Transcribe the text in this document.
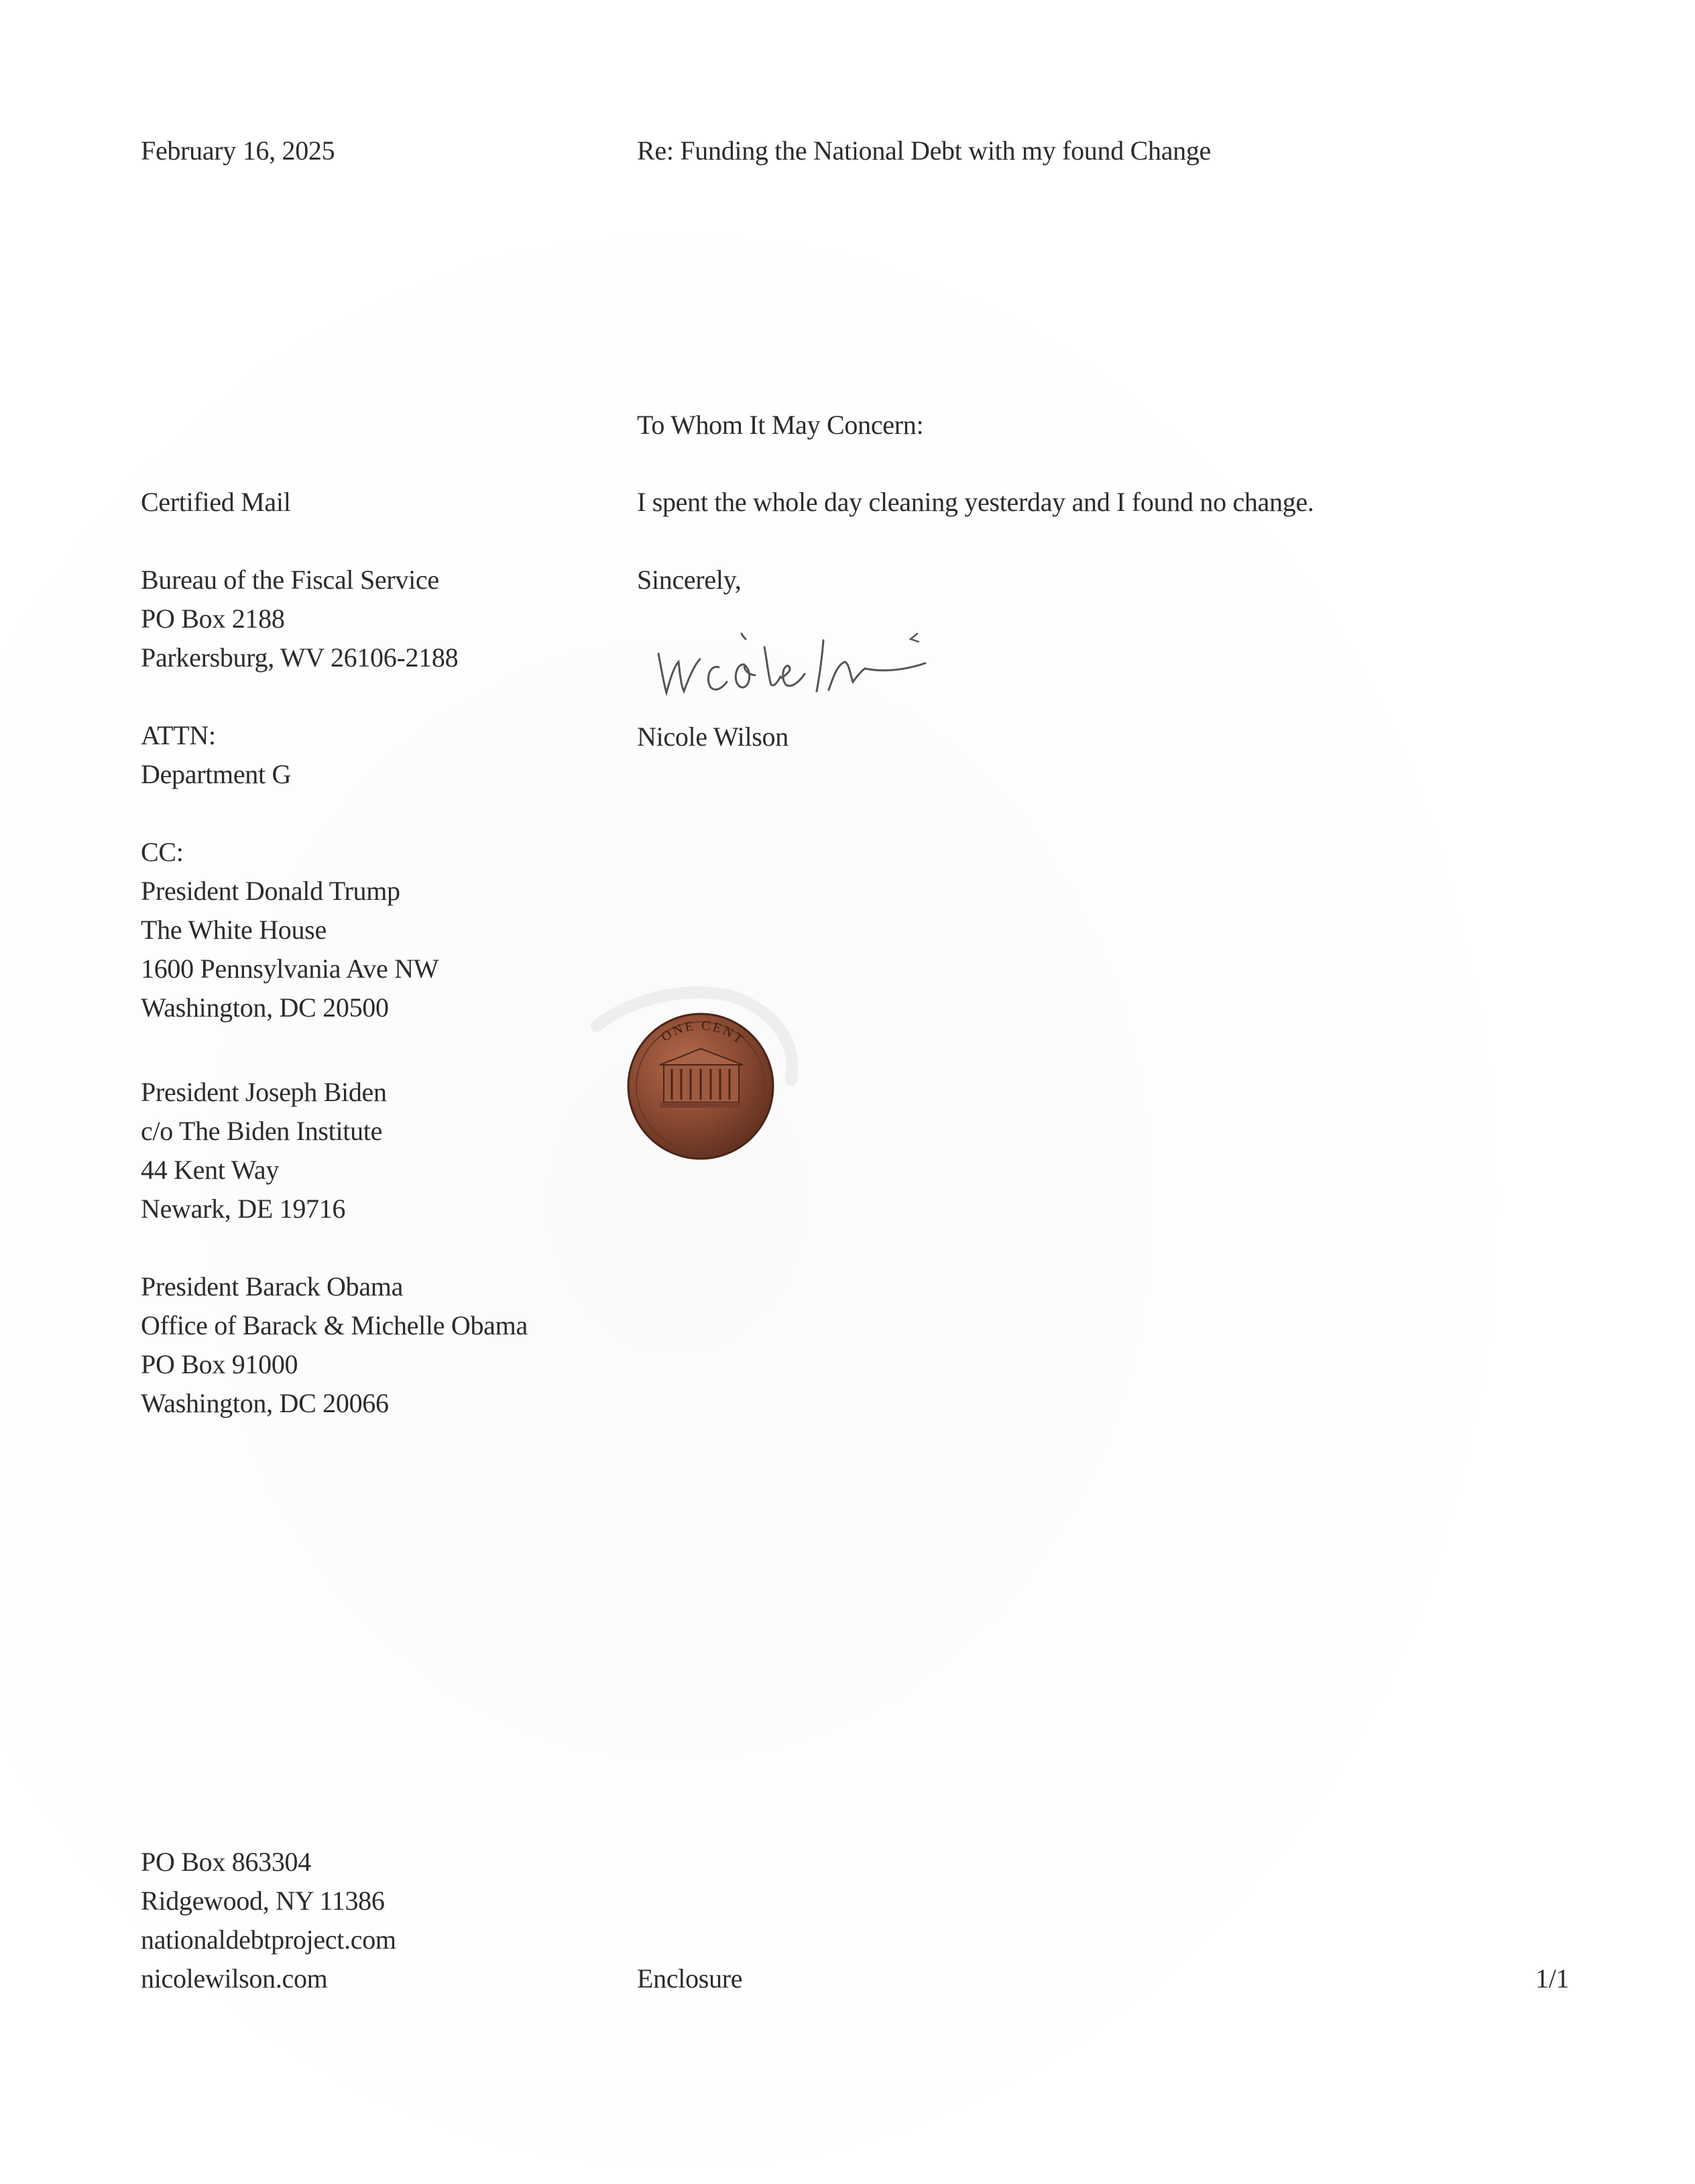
February 16, 2025	Re: Funding the National Debt with my found Change
Certified Mail
Bureau of the Fiscal Service
PO Box 2188
Parkersburg, WV 26106-2188
ATTN:
Department G
CC:
President Donald Trump
The White House
1600 Pennsylvania Ave NW
Washington, DC 20500
President Joseph Biden
c/o The Biden Institute
44 Kent Way
Newark, DE 19716
President Barack Obama
Office of Barack & Michelle Obama
PO Box 91000
Washington, DC 20066
To Whom It May Concern:
I spent the whole day cleaning yesterday and I found no change.
Sincerely,
Nicole Wilson
ONE CENT
PO Box 863304
Ridgewood, NY 11386
nationaldebtproject.com
nicolewilson.com	Enclosure	1/1
